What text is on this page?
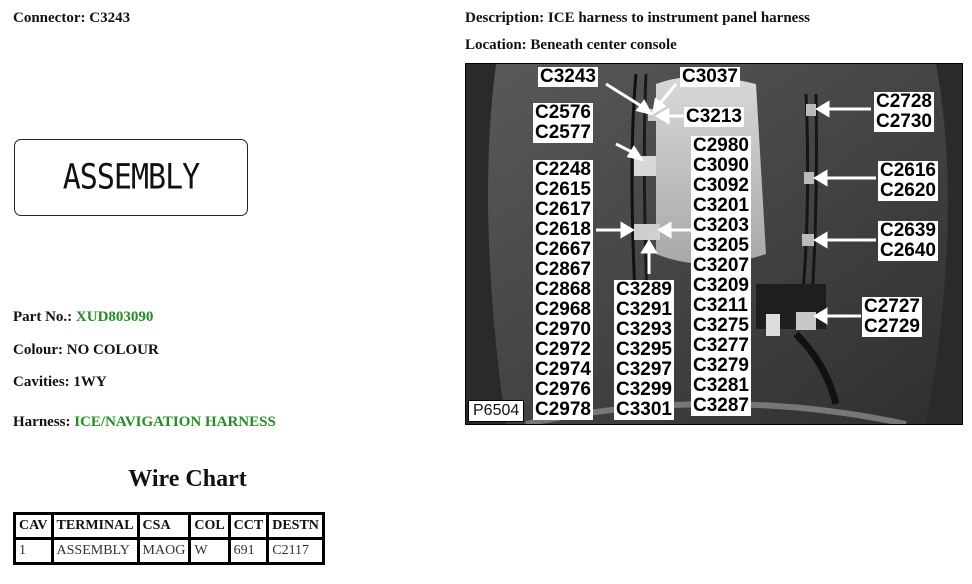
Connector: C3243
ASSEMBLY
Part No.: XUD803090
Colour: NO COLOUR
Cavities: 1WY
Harness: ICE/NAVIGATION HARNESS
Wire Chart
CAV	TERMINAL	CSA	COL	CCT	DESTN
1	ASSEMBLY	MAOG	W	691	C2117
Description: ICE harness to instrument panel harness
Location: Beneath center console
C3243	C3037
C3213
C2576
C2577
C2248
C2615
C2617
C2618
C2667
C2867
C2868
C2968
C2970
C2972
C2974
C2976
C2978
C3289
C3291
C3293
C3295
C3297
C3299
C3301
C2980
C3090
C3092
C3201
C3203
C3205
C3207
C3209
C3211
C3275
C3277
C3279
C3281
C3287
C2728
C2730
C2616
C2620
C2639
C2640
C2727
C2729
P6504
